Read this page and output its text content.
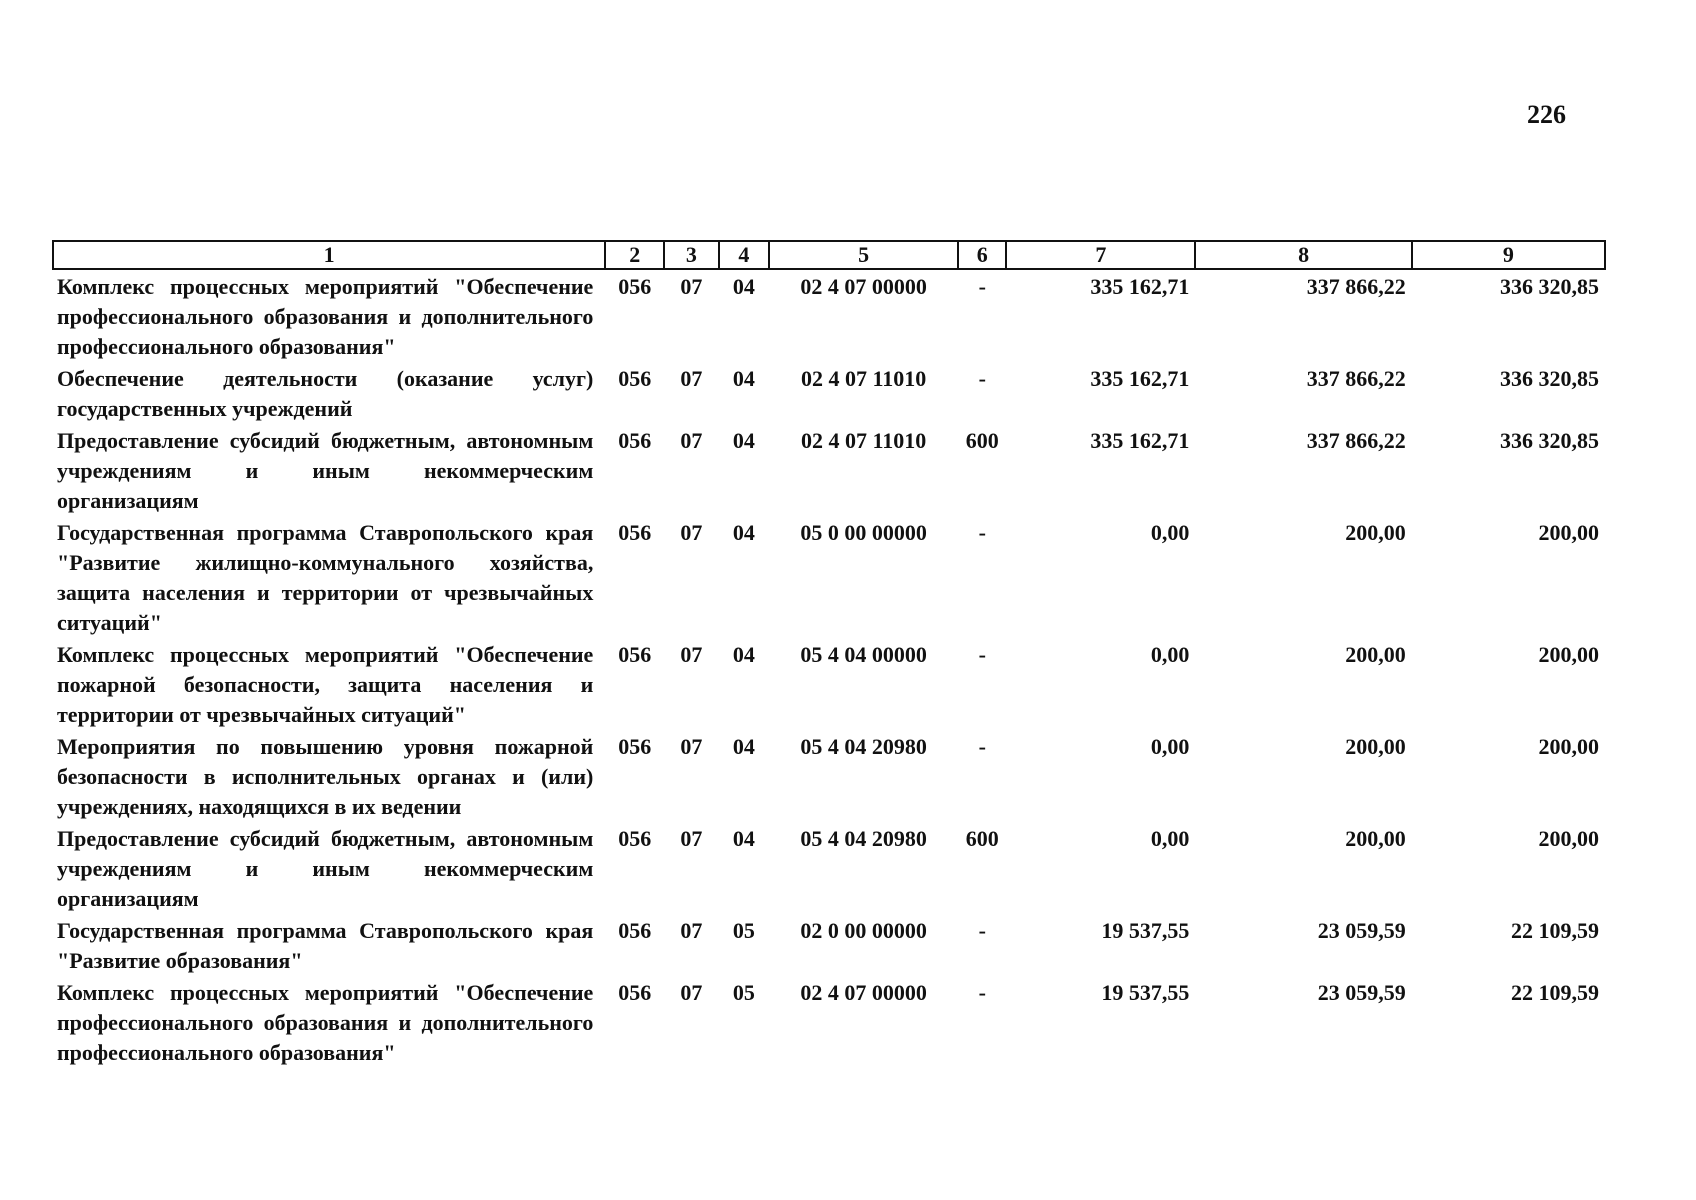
226
1	2	3	4	5	6	7	8	9
Комплекс процессных мероприятий "Обеспечение профессионального образования и дополнительного профессионального образования"	056	07	04	02 4 07 00000	-	335 162,71	337 866,22	336 320,85
Обеспечение деятельности (оказание услуг) государственных учреждений	056	07	04	02 4 07 11010	-	335 162,71	337 866,22	336 320,85
Предоставление субсидий бюджетным, автономным учреждениям и иным некоммерческим организациям	056	07	04	02 4 07 11010	600	335 162,71	337 866,22	336 320,85
Государственная программа Ставропольского края "Развитие жилищно-коммунального хозяйства, защита населения и территории от чрезвычайных ситуаций"	056	07	04	05 0 00 00000	-	0,00	200,00	200,00
Комплекс процессных мероприятий "Обеспечение пожарной безопасности, защита населения и территории от чрезвычайных ситуаций"	056	07	04	05 4 04 00000	-	0,00	200,00	200,00
Мероприятия по повышению уровня пожарной безопасности в исполнительных органах и (или) учреждениях, находящихся в их ведении	056	07	04	05 4 04 20980	-	0,00	200,00	200,00
Предоставление субсидий бюджетным, автономным учреждениям и иным некоммерческим организациям	056	07	04	05 4 04 20980	600	0,00	200,00	200,00
Государственная программа Ставропольского края "Развитие образования"	056	07	05	02 0 00 00000	-	19 537,55	23 059,59	22 109,59
Комплекс процессных мероприятий "Обеспечение профессионального образования и дополнительного профессионального образования"	056	07	05	02 4 07 00000	-	19 537,55	23 059,59	22 109,59
